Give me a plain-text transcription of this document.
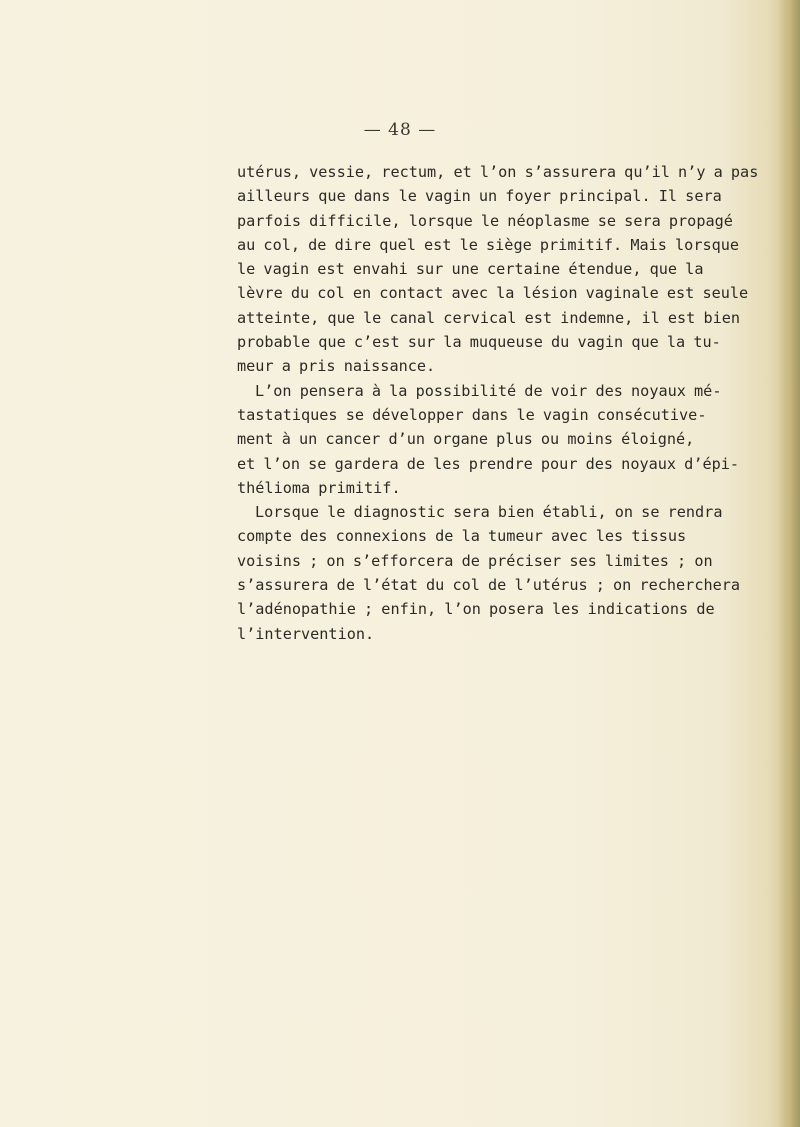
— 48 —
utérus, vessie, rectum, et l’on s’assurera qu’il n’y a pas
ailleurs que dans le vagin un foyer principal. Il sera
parfois difficile, lorsque le néoplasme se sera propagé
au col, de dire quel est le siège primitif. Mais lorsque
le vagin est envahi sur une certaine étendue, que la
lèvre du col en contact avec la lésion vaginale est seule
atteinte, que le canal cervical est indemne, il est bien
probable que c’est sur la muqueuse du vagin que la tu-
meur a pris naissance.
L’on pensera à la possibilité de voir des noyaux mé-
tastatiques se développer dans le vagin consécutive-
ment à un cancer d’un organe plus ou moins éloigné,
et l’on se gardera de les prendre pour des noyaux d’épi-
thélioma primitif.
Lorsque le diagnostic sera bien établi, on se rendra
compte des connexions de la tumeur avec les tissus
voisins ; on s’efforcera de préciser ses limites ; on
s’assurera de l’état du col de l’utérus ; on recherchera
l’adénopathie ; enfin, l’on posera les indications de
l’intervention.
